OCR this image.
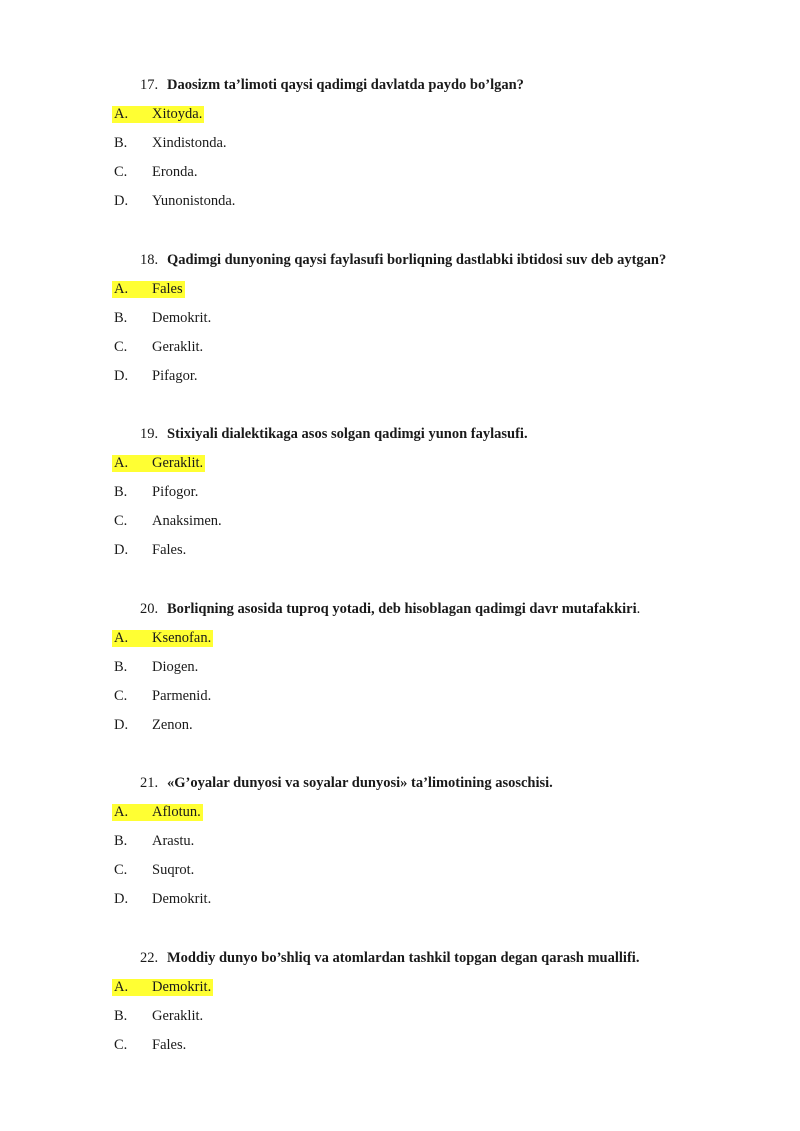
17. Daosizm ta’limoti qaysi qadimgi davlatda paydo bo’lgan?
A. Xitoyda.
B. Xindistonda.
C. Eronda.
D. Yunonistonda.
18. Qadimgi dunyoning qaysi faylasufi borliqning dastlabki ibtidosi suv deb aytgan?
A. Fales
B. Demokrit.
C. Geraklit.
D. Pifagor.
19. Stixiyali dialektikaga asos solgan qadimgi yunon faylasufi.
A. Geraklit.
B. Pifogor.
C. Anaksimen.
D. Fales.
20. Borliqning asosida tuproq yotadi, deb hisoblagan qadimgi davr mutafakkiri.
A. Ksenofan.
B. Diogen.
C. Parmenid.
D. Zenon.
21. «G’oyalar dunyosi va soyalar dunyosi» ta’limotining asoschisi.
A. Aflotun.
B. Arastu.
C. Suqrot.
D. Demokrit.
22. Moddiy dunyo bo’shliq va atomlardan tashkil topgan degan qarash muallifi.
A. Demokrit.
B. Geraklit.
C. Fales.
